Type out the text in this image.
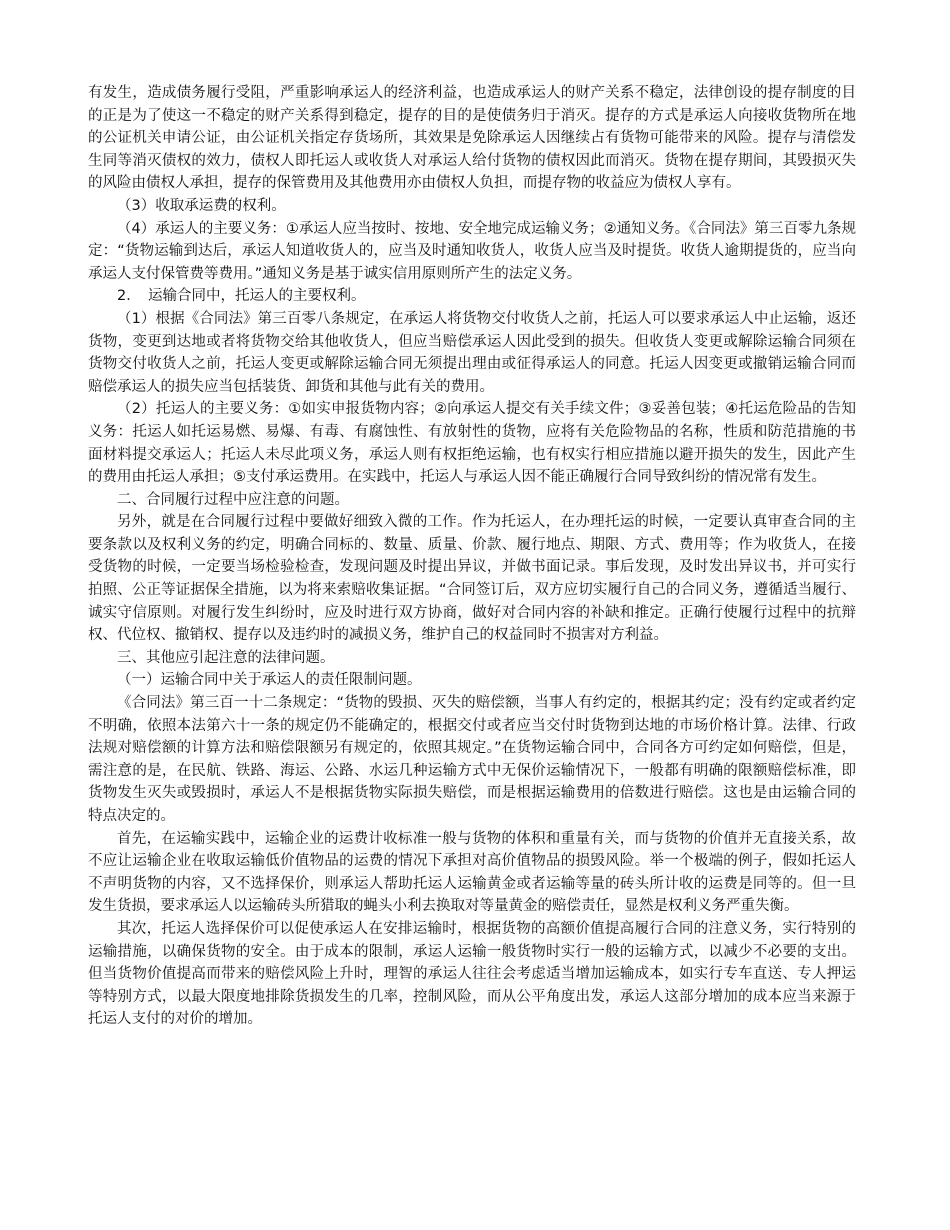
有发生，造成债务履行受阻，严重影响承运人的经济利益，也造成承运人的财产关系不稳定，法律创设的提存制度的目的正是为了使这一不稳定的财产关系得到稳定，提存的目的是使债务归于消灭。提存的方式是承运人向接收货物所在地的公证机关申请公证，由公证机关指定存货场所，其效果是免除承运人因继续占有货物可能带来的风险。提存与清偿发生同等消灭债权的效力，债权人即托运人或收货人对承运人给付货物的债权因此而消灭。货物在提存期间，其毁损灭失的风险由债权人承担，提存的保管费用及其他费用亦由债权人负担，而提存物的收益应为债权人享有。

（3）收取承运费的权利。

（4）承运人的主要义务：①承运人应当按时、按地、安全地完成运输义务；②通知义务。《合同法》第三百零九条规定：“货物运输到达后，承运人知道收货人的，应当及时通知收货人，收货人应当及时提货。收货人逾期提货的，应当向承运人支付保管费等费用。”通知义务是基于诚实信用原则所产生的法定义务。

2．　运输合同中，托运人的主要权利。

（1）根据《合同法》第三百零八条规定，在承运人将货物交付收货人之前，托运人可以要求承运人中止运输，返还货物，变更到达地或者将货物交给其他收货人，但应当赔偿承运人因此受到的损失。但收货人变更或解除运输合同须在货物交付收货人之前，托运人变更或解除运输合同无须提出理由或征得承运人的同意。托运人因变更或撤销运输合同而赔偿承运人的损失应当包括装货、卸货和其他与此有关的费用。

（2）托运人的主要义务：①如实申报货物内容；②向承运人提交有关手续文件；③妥善包装；④托运危险品的告知义务：托运人如托运易燃、易爆、有毒、有腐蚀性、有放射性的货物，应将有关危险物品的名称，性质和防范措施的书面材料提交承运人；托运人未尽此项义务，承运人则有权拒绝运输，也有权实行相应措施以避开损失的发生，因此产生的费用由托运人承担；⑤支付承运费用。在实践中，托运人与承运人因不能正确履行合同导致纠纷的情况常有发生。

二、合同履行过程中应注意的问题。

另外，就是在合同履行过程中要做好细致入微的工作。作为托运人，在办理托运的时候，一定要认真审查合同的主要条款以及权利义务的约定，明确合同标的、数量、质量、价款、履行地点、期限、方式、费用等；作为收货人，在接受货物的时候，一定要当场检验检查，发现问题及时提出异议，并做书面记录。事后发现，及时发出异议书，并可实行拍照、公正等证据保全措施，以为将来索赔收集证据。“合同签订后，双方应切实履行自己的合同义务，遵循适当履行、诚实守信原则。对履行发生纠纷时，应及时进行双方协商，做好对合同内容的补缺和推定。正确行使履行过程中的抗辩权、代位权、撤销权、提存以及违约时的减损义务，维护自己的权益同时不损害对方利益。

三、其他应引起注意的法律问题。

（一）运输合同中关于承运人的责任限制问题。

《合同法》第三百一十二条规定：“货物的毁损、灭失的赔偿额，当事人有约定的，根据其约定；没有约定或者约定不明确，依照本法第六十一条的规定仍不能确定的，根据交付或者应当交付时货物到达地的市场价格计算。法律、行政法规对赔偿额的计算方法和赔偿限额另有规定的，依照其规定。”在货物运输合同中，合同各方可约定如何赔偿，但是，需注意的是，在民航、铁路、海运、公路、水运几种运输方式中无保价运输情况下，一般都有明确的限额赔偿标准，即货物发生灭失或毁损时，承运人不是根据货物实际损失赔偿，而是根据运输费用的倍数进行赔偿。这也是由运输合同的特点决定的。

首先，在运输实践中，运输企业的运费计收标准一般与货物的体积和重量有关，而与货物的价值并无直接关系，故不应让运输企业在收取运输低价值物品的运费的情况下承担对高价值物品的损毁风险。举一个极端的例子，假如托运人不声明货物的内容，又不选择保价，则承运人帮助托运人运输黄金或者运输等量的砖头所计收的运费是同等的。但一旦发生货损，要求承运人以运输砖头所猎取的蝇头小利去换取对等量黄金的赔偿责任，显然是权利义务严重失衡。

其次，托运人选择保价可以促使承运人在安排运输时，根据货物的高额价值提高履行合同的注意义务，实行特别的运输措施，以确保货物的安全。由于成本的限制，承运人运输一般货物时实行一般的运输方式，以减少不必要的支出。但当货物价值提高而带来的赔偿风险上升时，理智的承运人往往会考虑适当增加运输成本，如实行专车直送、专人押运等特别方式，以最大限度地排除货损发生的几率，控制风险，而从公平角度出发，承运人这部分增加的成本应当来源于托运人支付的对价的增加。
